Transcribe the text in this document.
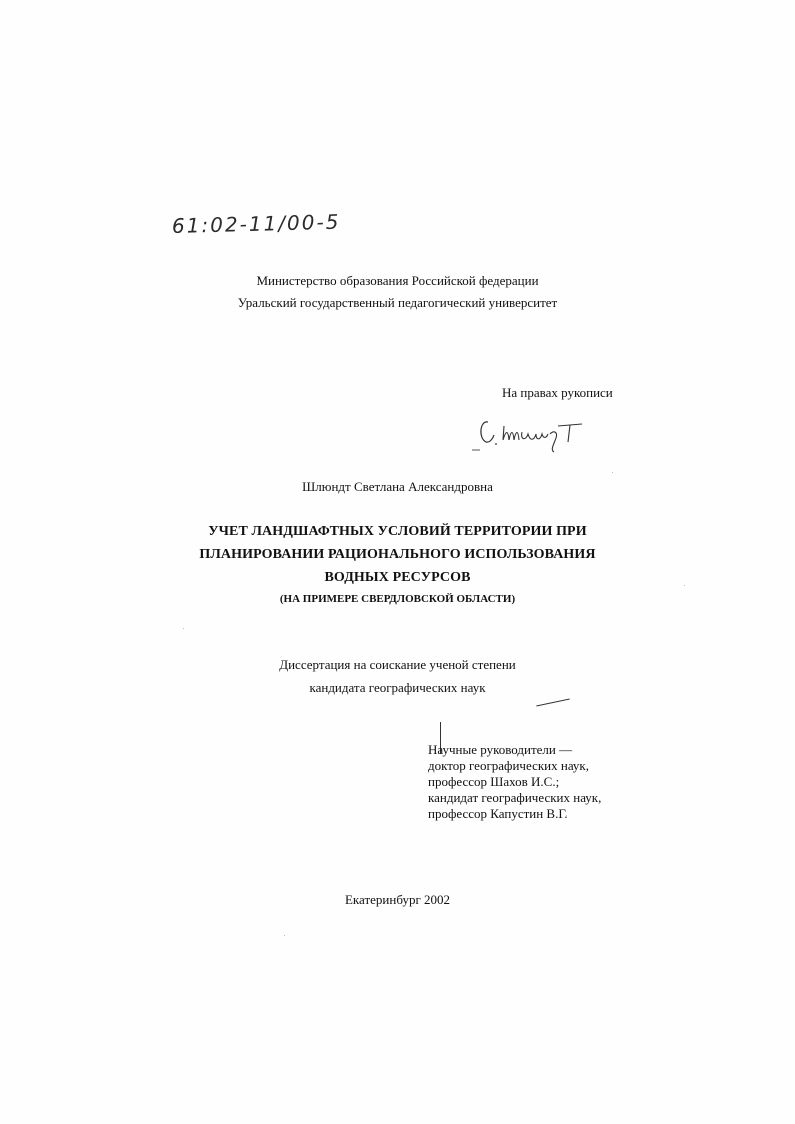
61:02-11/00-5
Министерство образования Российской федерации
Уральский государственный педагогический университет
На правах рукописи
Шлюндт Светлана Александровна
УЧЕТ ЛАНДШАФТНЫХ УСЛОВИЙ ТЕРРИТОРИИ ПРИ
ПЛАНИРОВАНИИ РАЦИОНАЛЬНОГО ИСПОЛЬЗОВАНИЯ
ВОДНЫХ РЕСУРСОВ
(НА ПРИМЕРЕ СВЕРДЛОВСКОЙ ОБЛАСТИ)
Диссертация на соискание ученой степени
кандидата географических наук
Научные руководители —
доктор географических наук,
профессор Шахов И.С.;
кандидат географических наук,
профессор Капустин В.Г.
Екатеринбург 2002
